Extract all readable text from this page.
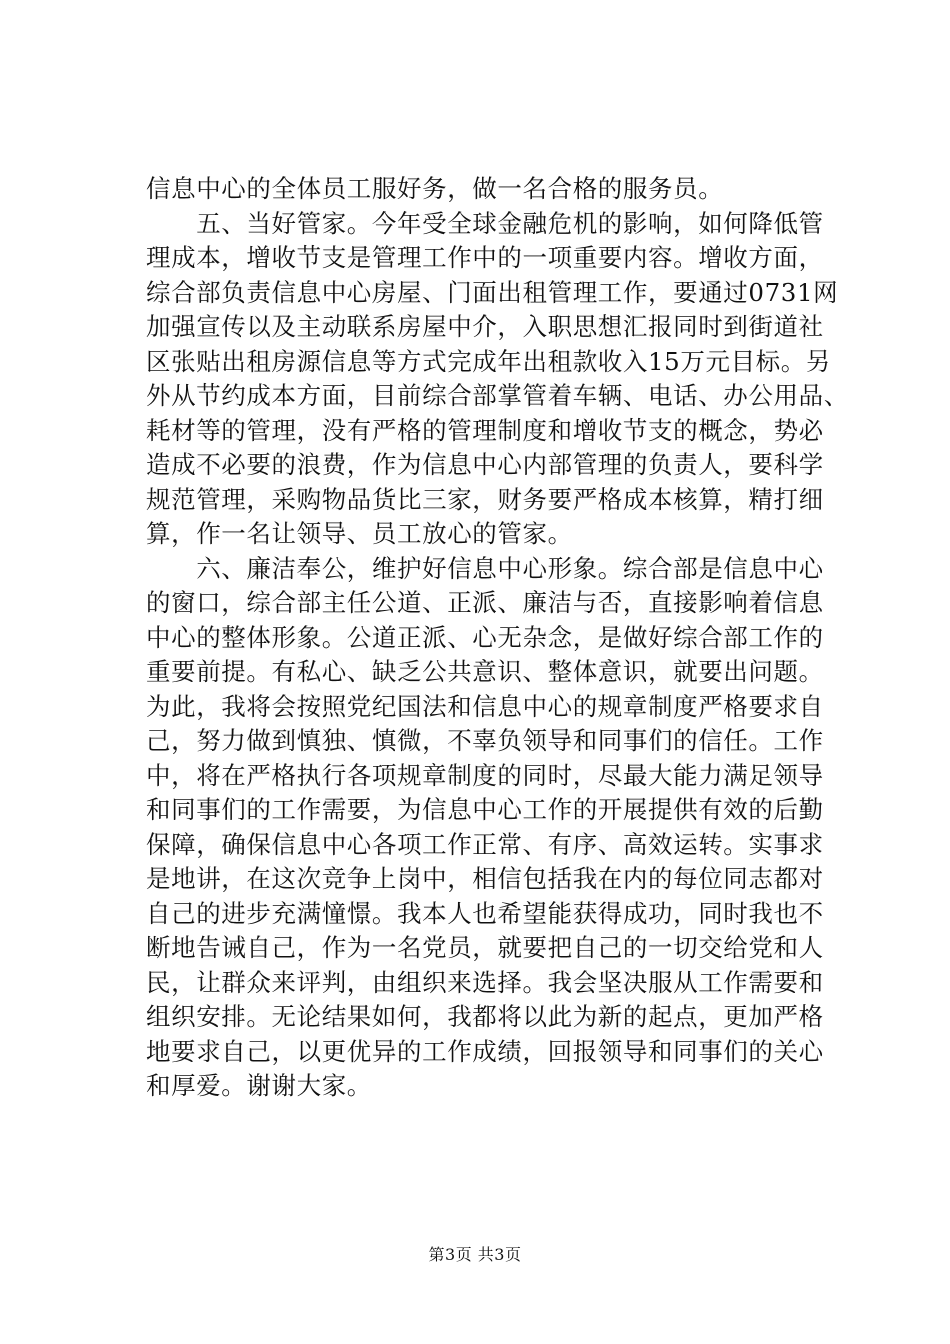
信息中心的全体员工服好务，做一名合格的服务员。
　　五、当好管家。今年受全球金融危机的影响，如何降低管
理成本，增收节支是管理工作中的一项重要内容。增收方面，
综合部负责信息中心房屋、门面出租管理工作，要通过0731网
加强宣传以及主动联系房屋中介，入职思想汇报同时到街道社
区张贴出租房源信息等方式完成年出租款收入15万元目标。另
外从节约成本方面，目前综合部掌管着车辆、电话、办公用品、
耗材等的管理，没有严格的管理制度和增收节支的概念，势必
造成不必要的浪费，作为信息中心内部管理的负责人，要科学
规范管理，采购物品货比三家，财务要严格成本核算，精打细
算，作一名让领导、员工放心的管家。
　　六、廉洁奉公，维护好信息中心形象。综合部是信息中心
的窗口，综合部主任公道、正派、廉洁与否，直接影响着信息
中心的整体形象。公道正派、心无杂念，是做好综合部工作的
重要前提。有私心、缺乏公共意识、整体意识，就要出问题。
为此，我将会按照党纪国法和信息中心的规章制度严格要求自
己，努力做到慎独、慎微，不辜负领导和同事们的信任。工作
中，将在严格执行各项规章制度的同时，尽最大能力满足领导
和同事们的工作需要，为信息中心工作的开展提供有效的后勤
保障，确保信息中心各项工作正常、有序、高效运转。实事求
是地讲，在这次竞争上岗中，相信包括我在内的每位同志都对
自己的进步充满憧憬。我本人也希望能获得成功，同时我也不
断地告诫自己，作为一名党员，就要把自己的一切交给党和人
民，让群众来评判，由组织来选择。我会坚决服从工作需要和
组织安排。无论结果如何，我都将以此为新的起点，更加严格
地要求自己，以更优异的工作成绩，回报领导和同事们的关心
和厚爱。谢谢大家。
第3页 共3页
